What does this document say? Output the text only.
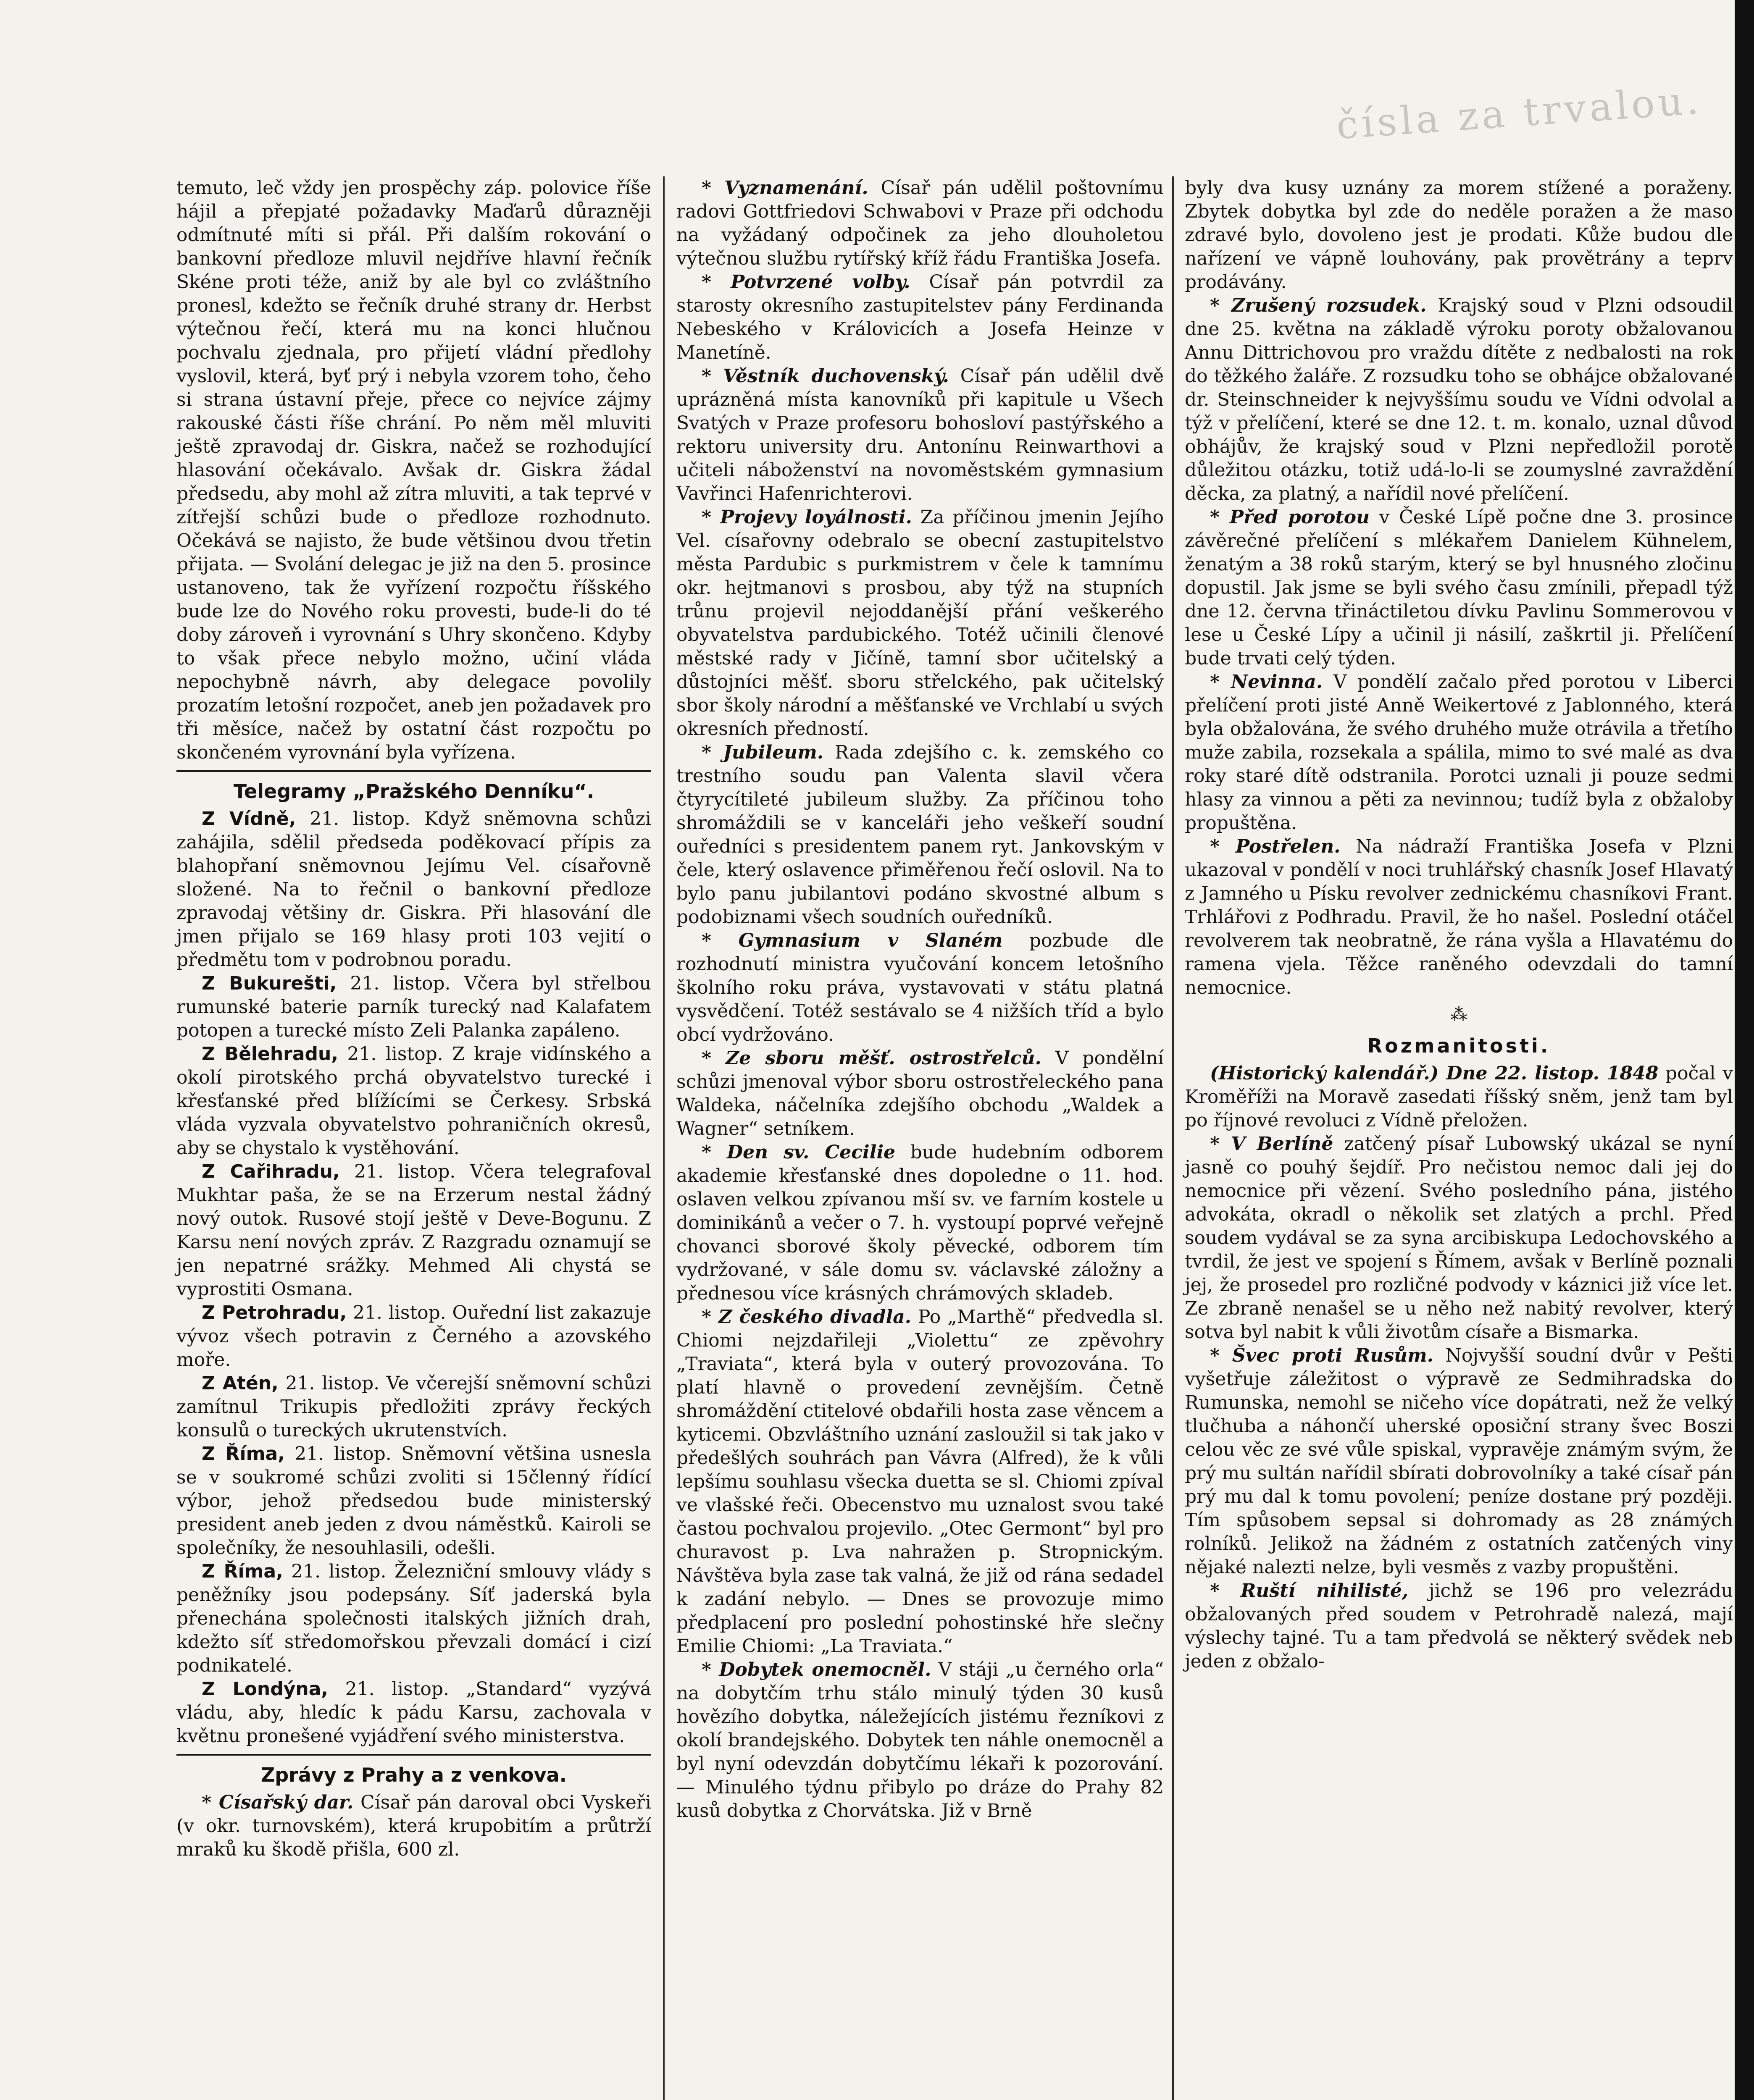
čísla za trvalou.

temuto, leč vždy jen prospěchy záp. polovice říše hájil a přepjaté požadavky Maďarů důrazněji odmítnuté míti si přál. Při dalším rokování o bankovní předloze mluvil nejdříve hlavní řečník Skéne proti téže, aniž by ale byl co zvláštního pronesl, kdežto se řečník druhé strany dr. Herbst výtečnou řečí, která mu na konci hlučnou pochvalu zjednala, pro přijetí vládní předlohy vyslovil, která, byť prý i nebyla vzorem toho, čeho si strana ústavní přeje, přece co nejvíce zájmy rakouské části říše chrání. Po něm měl mluviti ještě zpravodaj dr. Giskra, načež se rozhodující hlasování očekávalo. Avšak dr. Giskra žádal předsedu, aby mohl až zítra mluviti, a tak teprvé v zítřejší schůzi bude o předloze rozhodnuto. Očekává se najisto, že bude většinou dvou třetin přijata. — Svolání delegac je již na den 5. prosince ustanoveno, tak že vyřízení rozpočtu říšského bude lze do Nového roku provesti, bude-li do té doby zároveň i vyrovnání s Uhry skončeno. Kdyby to však přece nebylo možno, učiní vláda nepochybně návrh, aby delegace povolily prozatím letošní rozpočet, aneb jen požadavek pro tři měsíce, načež by ostatní část rozpočtu po skončeném vyrovnání byla vyřízena.

Telegramy „Pražského Denníku“.

Z Vídně, 21. listop. Když sněmovna schůzi zahájila, sdělil předseda poděkovací přípis za blahopřaní sněmovnou Jejímu Vel. císařovně složené. Na to řečnil o bankovní předloze zpravodaj většiny dr. Giskra. Při hlasování dle jmen přijalo se 169 hlasy proti 103 vejití o předmětu tom v podrobnou poradu.

Z Bukurešti, 21. listop. Včera byl střelbou rumunské baterie parník turecký nad Kalafatem potopen a turecké místo Zeli Palanka zapáleno.

Z Bělehradu, 21. listop. Z kraje vidínského a okolí pirotského prchá obyvatelstvo turecké i křesťanské před blížícími se Čerkesy. Srbská vláda vyzvala obyvatelstvo pohraničních okresů, aby se chystalo k vystěhování.

Z Cařihradu, 21. listop. Včera telegrafoval Mukhtar paša, že se na Erzerum nestal žádný nový outok. Rusové stojí ještě v Deve-Bogunu. Z Karsu není nových zpráv. Z Razgradu oznamují se jen nepatrné srážky. Mehmed Ali chystá se vyprostiti Osmana.

Z Petrohradu, 21. listop. Ouřední list zakazuje vývoz všech potravin z Černého a azovského moře.

Z Atén, 21. listop. Ve včerejší sněmovní schůzi zamítnul Trikupis předložiti zprávy řeckých konsulů o tureckých ukrutenstvích.

Z Říma, 21. listop. Sněmovní většina usnesla se v soukromé schůzi zvoliti si 15členný řídící výbor, jehož předsedou bude ministerský president aneb jeden z dvou náměstků. Kairoli se společníky, že nesouhlasili, odešli.

Z Říma, 21. listop. Železniční smlouvy vlády s peněžníky jsou podepsány. Síť jaderská byla přenechána společnosti italských jižních drah, kdežto síť středomořskou převzali domácí i cizí podnikatelé.

Z Londýna, 21. listop. „Standard“ vyzývá vládu, aby, hledíc k pádu Karsu, zachovala v květnu pronešené vyjádření svého ministerstva.

Zprávy z Prahy a z venkova.

* Císařský dar. Císař pán daroval obci Vyskeři (v okr. turnovském), která krupobitím a průtrží mraků ku škodě přišla, 600 zl.

* Vyznamenání. Císař pán udělil poštovnímu radovi Gottfriedovi Schwabovi v Praze při odchodu na vyžádaný odpočinek za jeho dlouholetou výtečnou službu rytířský kříž řádu Františka Josefa.

* Potvrzené volby. Císař pán potvrdil za starosty okresního zastupitelstev pány Ferdinanda Nebeského v Královicích a Josefa Heinze v Manetíně.

* Věstník duchovenský. Císař pán udělil dvě uprázněná místa kanovníků při kapitule u Všech Svatých v Praze profesoru bohosloví pastýřského a rektoru university dru. Antonínu Reinwarthovi a učiteli náboženství na novoměstském gymnasium Vavřinci Hafenrichterovi.

* Projevy loyálnosti. Za příčinou jmenin Jejího Vel. císařovny odebralo se obecní zastupitelstvo města Pardubic s purkmistrem v čele k tamnímu okr. hejtmanovi s prosbou, aby týž na stupních trůnu projevil nejoddanější přání veškerého obyvatelstva pardubického. Totéž učinili členové městské rady v Jičíně, tamní sbor učitelský a důstojníci měšť. sboru střelckého, pak učitelský sbor školy národní a měšťanské ve Vrchlabí u svých okresních předností.

* Jubileum. Rada zdejšího c. k. zemského co trestního soudu pan Valenta slavil včera čtyrycítileté jubileum služby. Za příčinou toho shromáždili se v kanceláři jeho veškeří soudní ouředníci s presidentem panem ryt. Jankovským v čele, který oslavence přiměřenou řečí oslovil. Na to bylo panu jubilantovi podáno skvostné album s podobiznami všech soudních ouředníků.

* Gymnasium v Slaném pozbude dle rozhodnutí ministra vyučování koncem letošního školního roku práva, vystavovati v státu platná vysvědčení. Totéž sestávalo se 4 nižších tříd a bylo obcí vydržováno.

* Ze sboru měšť. ostrostřelců. V pondělní schůzi jmenoval výbor sboru ostrostřeleckého pana Waldeka, náčelníka zdejšího obchodu „Waldek a Wagner“ setníkem.

* Den sv. Cecilie bude hudebním odborem akademie křesťanské dnes dopoledne o 11. hod. oslaven velkou zpívanou mší sv. ve farním kostele u dominikánů a večer o 7. h. vystoupí poprvé veřejně chovanci sborové školy pěvecké, odborem tím vydržované, v sále domu sv. václavské záložny a přednesou více krásných chrámových skladeb.

* Z českého divadla. Po „Marthě“ předvedla sl. Chiomi nejzdařileji „Violettu“ ze zpěvohry „Traviata“, která byla v outerý provozována. To platí hlavně o provedení zevnějším. Četně shromáždění ctitelové obdařili hosta zase věncem a kyticemi. Obzvláštního uznání zasloužil si tak jako v předešlých souhrách pan Vávra (Alfred), že k vůli lepšímu souhlasu všecka duetta se sl. Chiomi zpíval ve vlašské řeči. Obecenstvo mu uznalost svou také častou pochvalou projevilo. „Otec Germont“ byl pro churavost p. Lva nahražen p. Stropnickým. Návštěva byla zase tak valná, že již od rána sedadel k zadání nebylo. — Dnes se provozuje mimo předplacení pro poslední pohostinské hře slečny Emilie Chiomi: „La Traviata.“

* Dobytek onemocněl. V stáji „u černého orla“ na dobytčím trhu stálo minulý týden 30 kusů hovězího dobytka, náležejících jistému řezníkovi z okolí brandejského. Dobytek ten náhle onemocněl a byl nyní odevzdán dobytčímu lékaři k pozorování. — Minulého týdnu přibylo po dráze do Prahy 82 kusů dobytka z Chorvátska. Již v Brně

byly dva kusy uznány za morem stížené a poraženy. Zbytek dobytka byl zde do neděle poražen a že maso zdravé bylo, dovoleno jest je prodati. Kůže budou dle nařízení ve vápně louhovány, pak provětrány a teprv prodávány.

* Zrušený rozsudek. Krajský soud v Plzni odsoudil dne 25. května na základě výroku poroty obžalovanou Annu Dittrichovou pro vraždu dítěte z nedbalosti na rok do těžkého žaláře. Z rozsudku toho se obhájce obžalované dr. Steinschneider k nejvyššímu soudu ve Vídni odvolal a týž v přelíčení, které se dne 12. t. m. konalo, uznal důvod obhájův, že krajský soud v Plzni nepředložil porotě důležitou otázku, totiž udá-lo-li se zoumyslné zavraždění děcka, za platný, a nařídil nové přelíčení.

* Před porotou v České Lípě počne dne 3. prosince závěrečné přelíčení s mlékařem Danielem Kühnelem, ženatým a 38 roků starým, který se byl hnusného zločinu dopustil. Jak jsme se byli svého času zmínili, přepadl týž dne 12. června třináctiletou dívku Pavlinu Sommerovou v lese u České Lípy a učinil ji násilí, zaškrtil ji. Přelíčení bude trvati celý týden.

* Nevinna. V pondělí začalo před porotou v Liberci přelíčení proti jisté Anně Weikertové z Jablonného, která byla obžalována, že svého druhého muže otrávila a třetího muže zabila, rozsekala a spálila, mimo to své malé as dva roky staré dítě odstranila. Porotci uznali ji pouze sedmi hlasy za vinnou a pěti za nevinnou; tudíž byla z obžaloby propuštěna.

* Postřelen. Na nádraží Františka Josefa v Plzni ukazoval v pondělí v noci truhlářský chasník Josef Hlavatý z Jamného u Písku revolver zednickému chasníkovi Frant. Trhlářovi z Podhradu. Pravil, že ho našel. Poslední otáčel revolverem tak neobratně, že rána vyšla a Hlavatému do ramena vjela. Těžce raněného odevzdali do tamní nemocnice.

⁂
Rozmanitosti.

(Historický kalendář.) Dne 22. listop. 1848 počal v Kroměříži na Moravě zasedati říšský sněm, jenž tam byl po říjnové revoluci z Vídně přeložen.

* V Berlíně zatčený písař Lubowský ukázal se nyní jasně co pouhý šejdíř. Pro nečistou nemoc dali jej do nemocnice při vězení. Svého posledního pána, jistého advokáta, okradl o několik set zlatých a prchl. Před soudem vydával se za syna arcibiskupa Ledochovského a tvrdil, že jest ve spojení s Římem, avšak v Berlíně poznali jej, že prosedel pro rozličné podvody v káznici již více let. Ze zbraně nenašel se u něho než nabitý revolver, který sotva byl nabit k vůli životům císaře a Bismarka.

* Švec proti Rusům. Nojvyšší soudní dvůr v Pešti vyšetřuje záležitost o výpravě ze Sedmihradska do Rumunska, nemohl se ničeho více dopátrati, než že velký tlučhuba a náhončí uherské oposiční strany švec Boszi celou věc ze své vůle spiskal, vypravěje známým svým, že prý mu sultán nařídil sbírati dobrovolníky a také císař pán prý mu dal k tomu povolení; peníze dostane prý později. Tím spůsobem sepsal si dohromady as 28 známých rolníků. Jelikož na žádném z ostatních zatčených viny nějaké nalezti nelze, byli vesměs z vazby propuštěni.

* Ruští nihilisté, jichž se 196 pro velezrádu obžalovaných před soudem v Petrohradě nalezá, mají výslechy tajné. Tu a tam předvolá se některý svědek neb jeden z obžalo-
